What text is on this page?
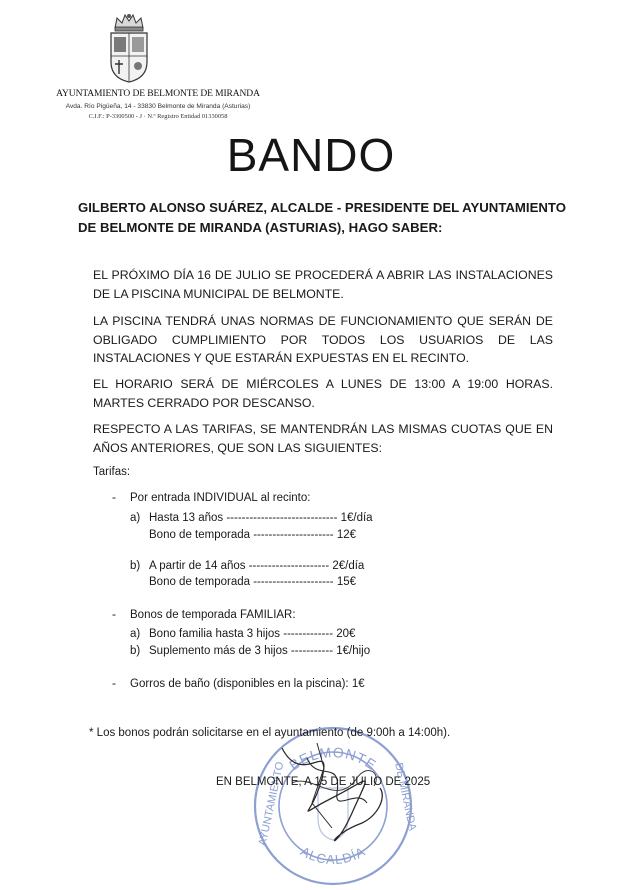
AYUNTAMIENTO DE BELMONTE DE MIRANDA
Avda. Río Pigüeña, 14 - 33830 Belmonte de Miranda (Asturias)
C.I.F.: P-3300500 - J · N.º Registro Entidad 01330058
BANDO
GILBERTO ALONSO SUÁREZ, ALCALDE - PRESIDENTE DEL AYUNTAMIENTO
DE BELMONTE DE MIRANDA (ASTURIAS), HAGO SABER:
EL PRÓXIMO DÍA 16 DE JULIO SE PROCEDERÁ A ABRIR LAS INSTALACIONES DE LA PISCINA MUNICIPAL DE BELMONTE.
LA PISCINA TENDRÁ UNAS NORMAS DE FUNCIONAMIENTO QUE SERÁN DE OBLIGADO CUMPLIMIENTO POR TODOS LOS USUARIOS DE LAS INSTALACIONES Y QUE ESTARÁN EXPUESTAS EN EL RECINTO.
EL HORARIO SERÁ DE MIÉRCOLES A LUNES DE 13:00 A 19:00 HORAS. MARTES CERRADO POR DESCANSO.
RESPECTO A LAS TARIFAS, SE MANTENDRÁN LAS MISMAS CUOTAS QUE EN AÑOS ANTERIORES, QUE SON LAS SIGUIENTES:
Tarifas:
- Por entrada INDIVIDUAL al recinto:
a) Hasta 13 años ----------------------------- 1€/día
Bono de temporada --------------------- 12€
b) A partir de 14 años --------------------- 2€/día
Bono de temporada --------------------- 15€
- Bonos de temporada FAMILIAR:
a) Bono familia hasta 3 hijos ------------- 20€
b) Suplemento más de 3 hijos ----------- 1€/hijo
- Gorros de baño (disponibles en la piscina): 1€
BELMONTE
AYUNTAMIENTO	DE MIRANDA
ALCALDÍA
* Los bonos podrán solicitarse en el ayuntamiento (de 9:00h a 14:00h).
EN BELMONTE, A 15 DE JULIO DE 2025
